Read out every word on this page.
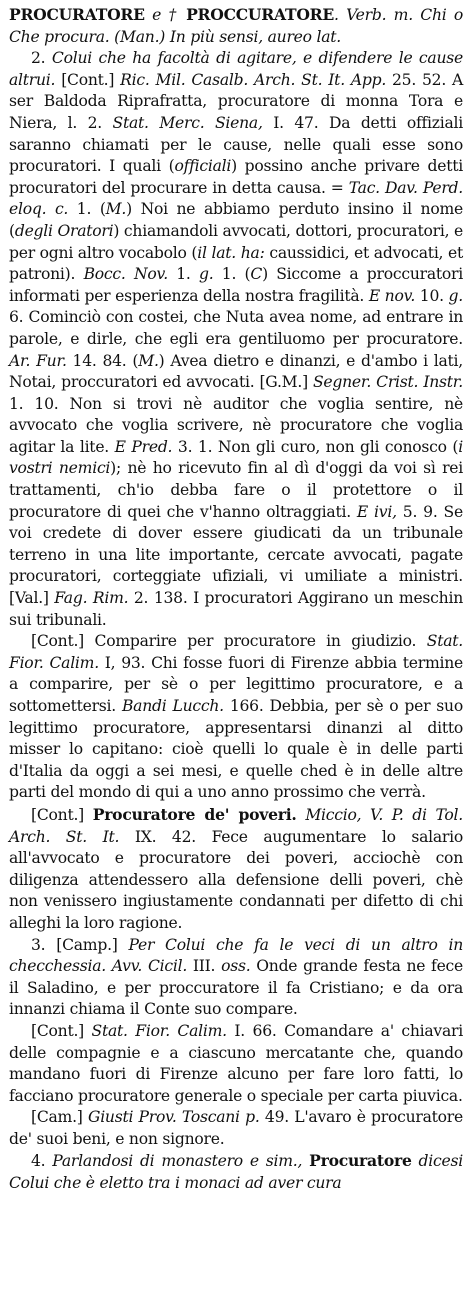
PROCURATORE e † PROCCURATORE. Verb. m. Chi o Che procura. (Man.) In più sensi, aureo lat.

2. Colui che ha facoltà di agitare, e difendere le cause altrui. [Cont.] Ric. Mil. Casalb. Arch. St. It. App. 25. 52. A ser Baldoda Riprafratta, procuratore di monna Tora e Niera, l. 2. Stat. Merc. Siena, I. 47. Da detti offiziali saranno chiamati per le cause, nelle quali esse sono procuratori. I quali (officiali) possino anche privare detti procuratori del procurare in detta causa. = Tac. Dav. Perd. eloq. c. 1. (M.) Noi ne abbiamo perduto insino il nome (degli Oratori) chiamandoli avvocati, dottori, procuratori, e per ogni altro vocabolo (il lat. ha: caussidici, et advocati, et patroni). Bocc. Nov. 1. g. 1. (C) Siccome a proccuratori informati per esperienza della nostra fragilità. E nov. 10. g. 6. Cominciò con costei, che Nuta avea nome, ad entrare in parole, e dirle, che egli era gentiluomo per procuratore. Ar. Fur. 14. 84. (M.) Avea dietro e dinanzi, e d'ambo i lati, Notai, proccuratori ed avvocati. [G.M.] Segner. Crist. Instr. 1. 10. Non si trovi nè auditor che voglia sentire, nè avvocato che voglia scrivere, nè procuratore che voglia agitar la lite. E Pred. 3. 1. Non gli curo, non gli conosco (i vostri nemici); nè ho ricevuto fin al dì d'oggi da voi sì rei trattamenti, ch'io debba fare o il protettore o il procuratore di quei che v'hanno oltraggiati. E ivi, 5. 9. Se voi credete di dover essere giudicati da un tribunale terreno in una lite importante, cercate avvocati, pagate procuratori, corteggiate ufiziali, vi umiliate a ministri. [Val.] Fag. Rim. 2. 138. I procuratori Aggirano un meschin sui tribunali.

[Cont.] Comparire per procuratore in giudizio. Stat. Fior. Calim. I, 93. Chi fosse fuori di Firenze abbia termine a comparire, per sè o per legittimo procuratore, e a sottomettersi. Bandi Lucch. 166. Debbia, per sè o per suo legittimo procuratore, appresentarsi dinanzi al ditto misser lo capitano: cioè quelli lo quale è in delle parti d'Italia da oggi a sei mesi, e quelle ched è in delle altre parti del mondo di qui a uno anno prossimo che verrà.

[Cont.] Procuratore de' poveri. Miccio, V. P. di Tol. Arch. St. It. IX. 42. Fece augumentare lo salario all'avvocato e procuratore dei poveri, acciochè con diligenza attendessero alla defensione delli poveri, chè non venissero ingiustamente condannati per difetto di chi alleghi la loro ragione.

3. [Camp.] Per Colui che fa le veci di un altro in checchessia. Avv. Cicil. III. oss. Onde grande festa ne fece il Saladino, e per proccuratore il fa Cristiano; e da ora innanzi chiama il Conte suo compare.

[Cont.] Stat. Fior. Calim. I. 66. Comandare a' chiavari delle compagnie e a ciascuno mercatante che, quando mandano fuori di Firenze alcuno per fare loro fatti, lo facciano procuratore generale o speciale per carta piuvica.

[Cam.] Giusti Prov. Toscani p. 49. L'avaro è procuratore de' suoi beni, e non signore.

4. Parlandosi di monastero e sim., Procuratore dicesi Colui che è eletto tra i monaci ad aver cura
